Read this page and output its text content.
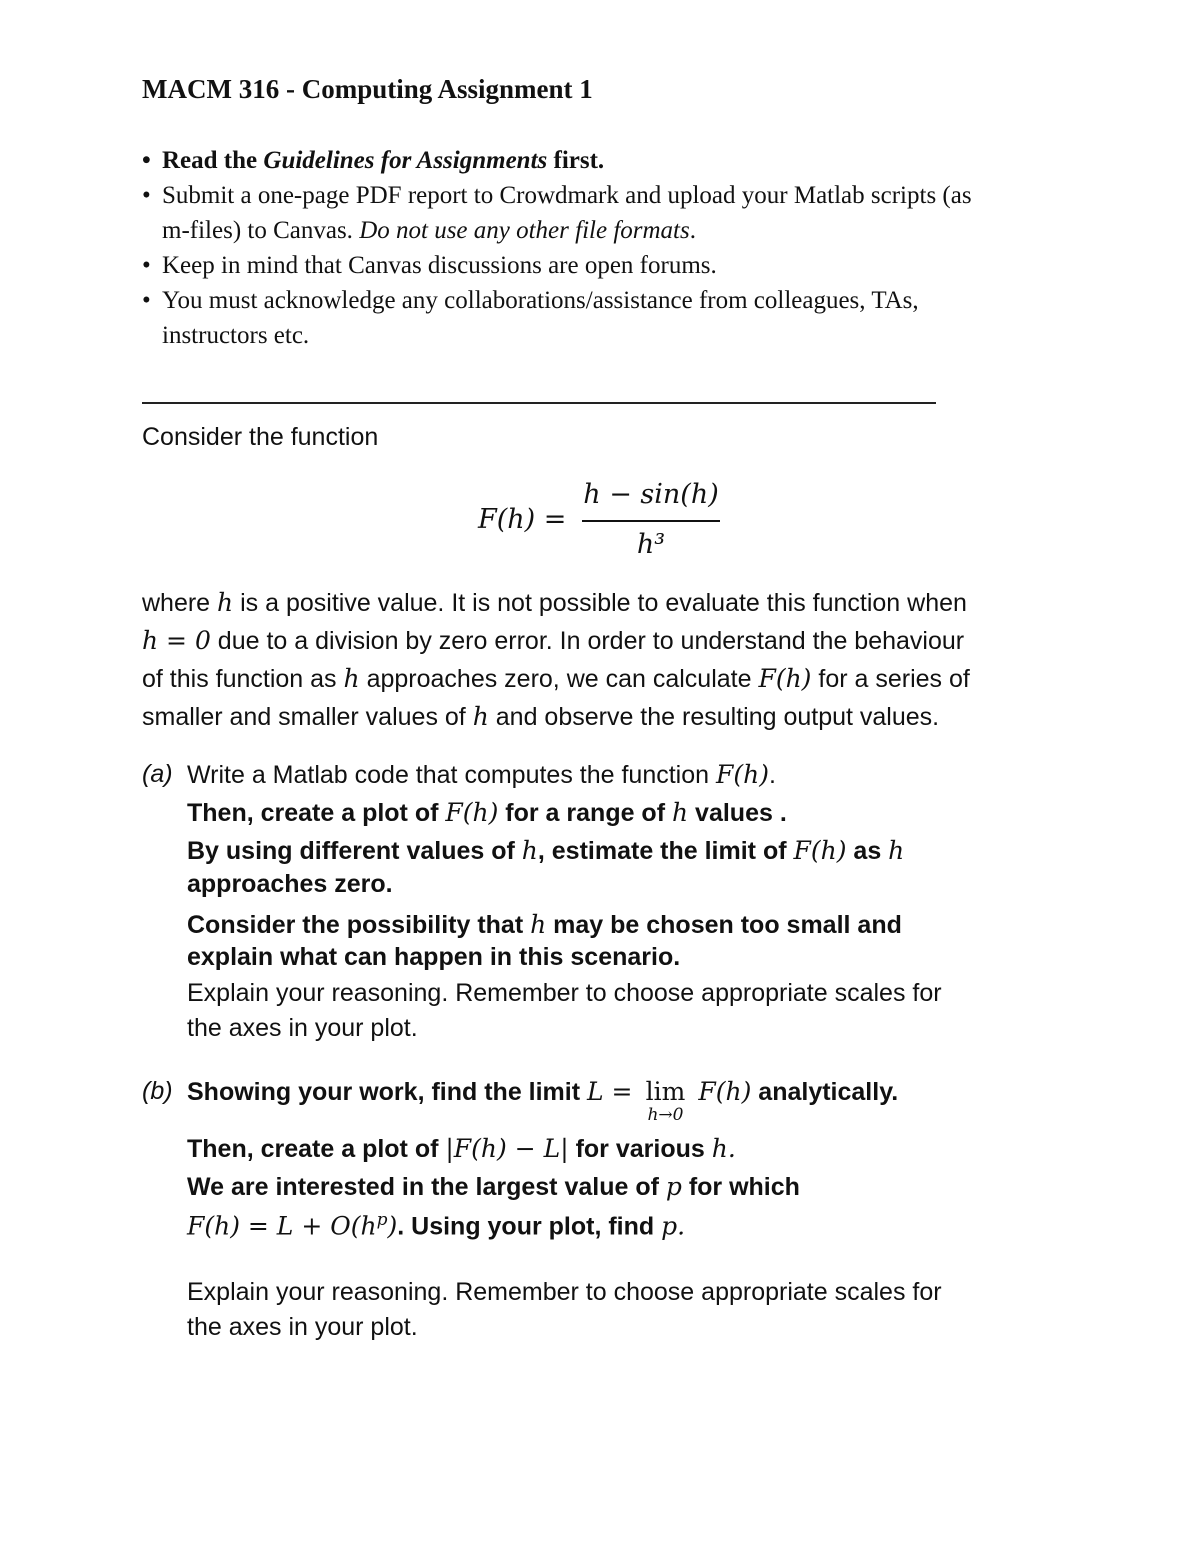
MACM 316 - Computing Assignment 1
• Read the Guidelines for Assignments first.
• Submit a one-page PDF report to Crowdmark and upload your Matlab scripts (as
m-files) to Canvas. Do not use any other file formats.
• Keep in mind that Canvas discussions are open forums.
• You must acknowledge any collaborations/assistance from colleagues, TAs,
instructors etc.
Consider the function
F(h) =
h − sin(h)
h³
where h is a positive value. It is not possible to evaluate this function when
h = 0 due to a division by zero error. In order to understand the behaviour
of this function as h approaches zero, we can calculate F(h) for a series of
smaller and smaller values of h and observe the resulting output values.
(a) Write a Matlab code that computes the function F(h).
Then, create a plot of F(h) for a range of h values .
By using different values of h, estimate the limit of F(h) as h
approaches zero.
Consider the possibility that h may be chosen too small and
explain what can happen in this scenario.
Explain your reasoning. Remember to choose appropriate scales for
the axes in your plot.
(b) Showing your work, find the limit L = lim
h→0
F(h) analytically.
Then, create a plot of |F(h) − L| for various h.
We are interested in the largest value of p for which
$F(h) = L + O(h^p)$. Using your plot, find p.
Explain your reasoning. Remember to choose appropriate scales for
the axes in your plot.
